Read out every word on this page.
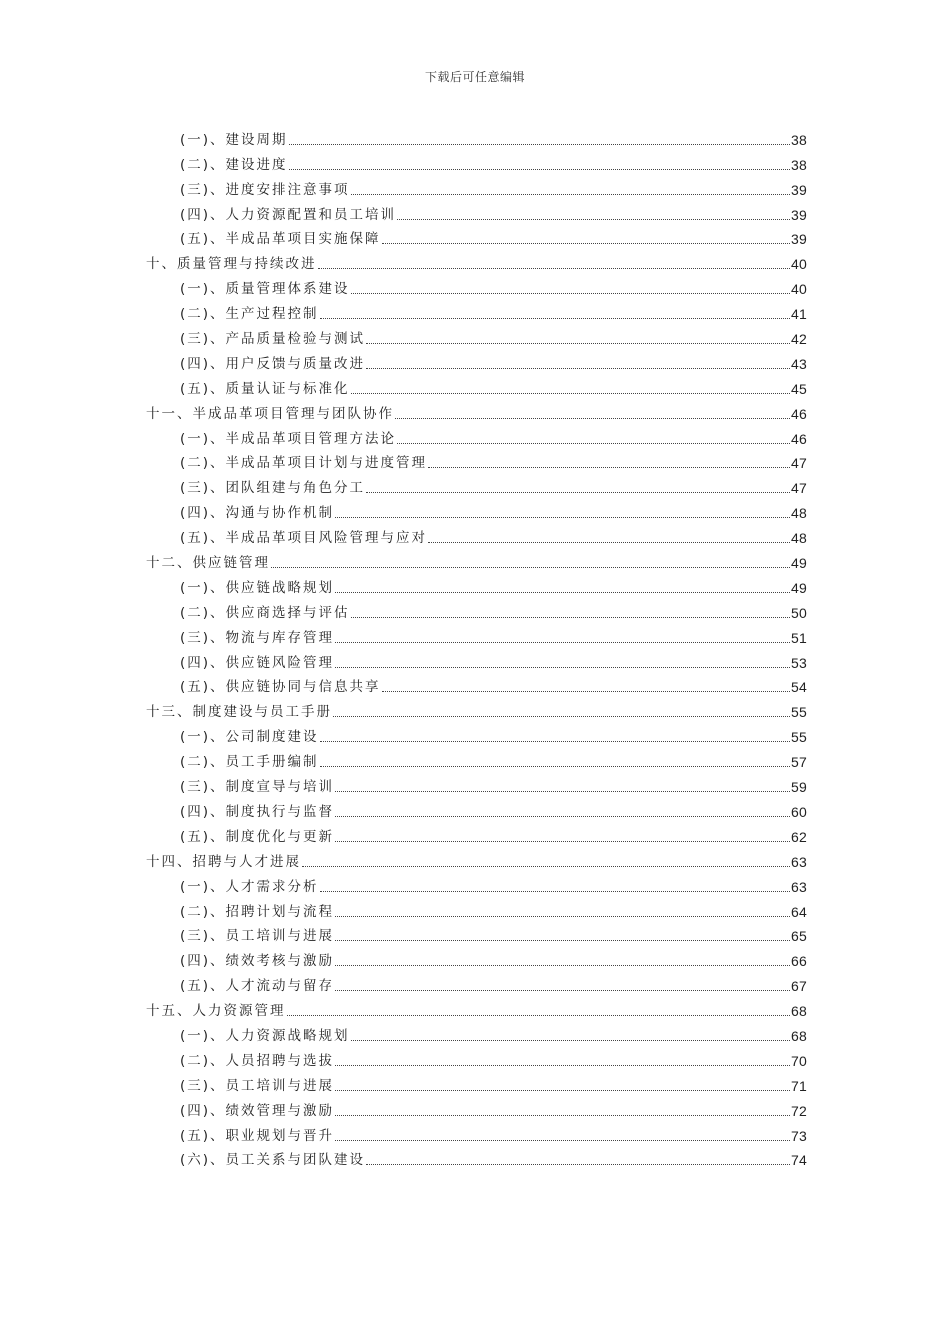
下载后可任意编辑
(一)、建设周期	38
(二)、建设进度	38
(三)、进度安排注意事项	39
(四)、人力资源配置和员工培训	39
(五)、半成品革项目实施保障	39
十、质量管理与持续改进	40
(一)、质量管理体系建设	40
(二)、生产过程控制	41
(三)、产品质量检验与测试	42
(四)、用户反馈与质量改进	43
(五)、质量认证与标准化	45
十一、半成品革项目管理与团队协作	46
(一)、半成品革项目管理方法论	46
(二)、半成品革项目计划与进度管理	47
(三)、团队组建与角色分工	47
(四)、沟通与协作机制	48
(五)、半成品革项目风险管理与应对	48
十二、供应链管理	49
(一)、供应链战略规划	49
(二)、供应商选择与评估	50
(三)、物流与库存管理	51
(四)、供应链风险管理	53
(五)、供应链协同与信息共享	54
十三、制度建设与员工手册	55
(一)、公司制度建设	55
(二)、员工手册编制	57
(三)、制度宣导与培训	59
(四)、制度执行与监督	60
(五)、制度优化与更新	62
十四、招聘与人才进展	63
(一)、人才需求分析	63
(二)、招聘计划与流程	64
(三)、员工培训与进展	65
(四)、绩效考核与激励	66
(五)、人才流动与留存	67
十五、人力资源管理	68
(一)、人力资源战略规划	68
(二)、人员招聘与选拔	70
(三)、员工培训与进展	71
(四)、绩效管理与激励	72
(五)、职业规划与晋升	73
(六)、员工关系与团队建设	74
